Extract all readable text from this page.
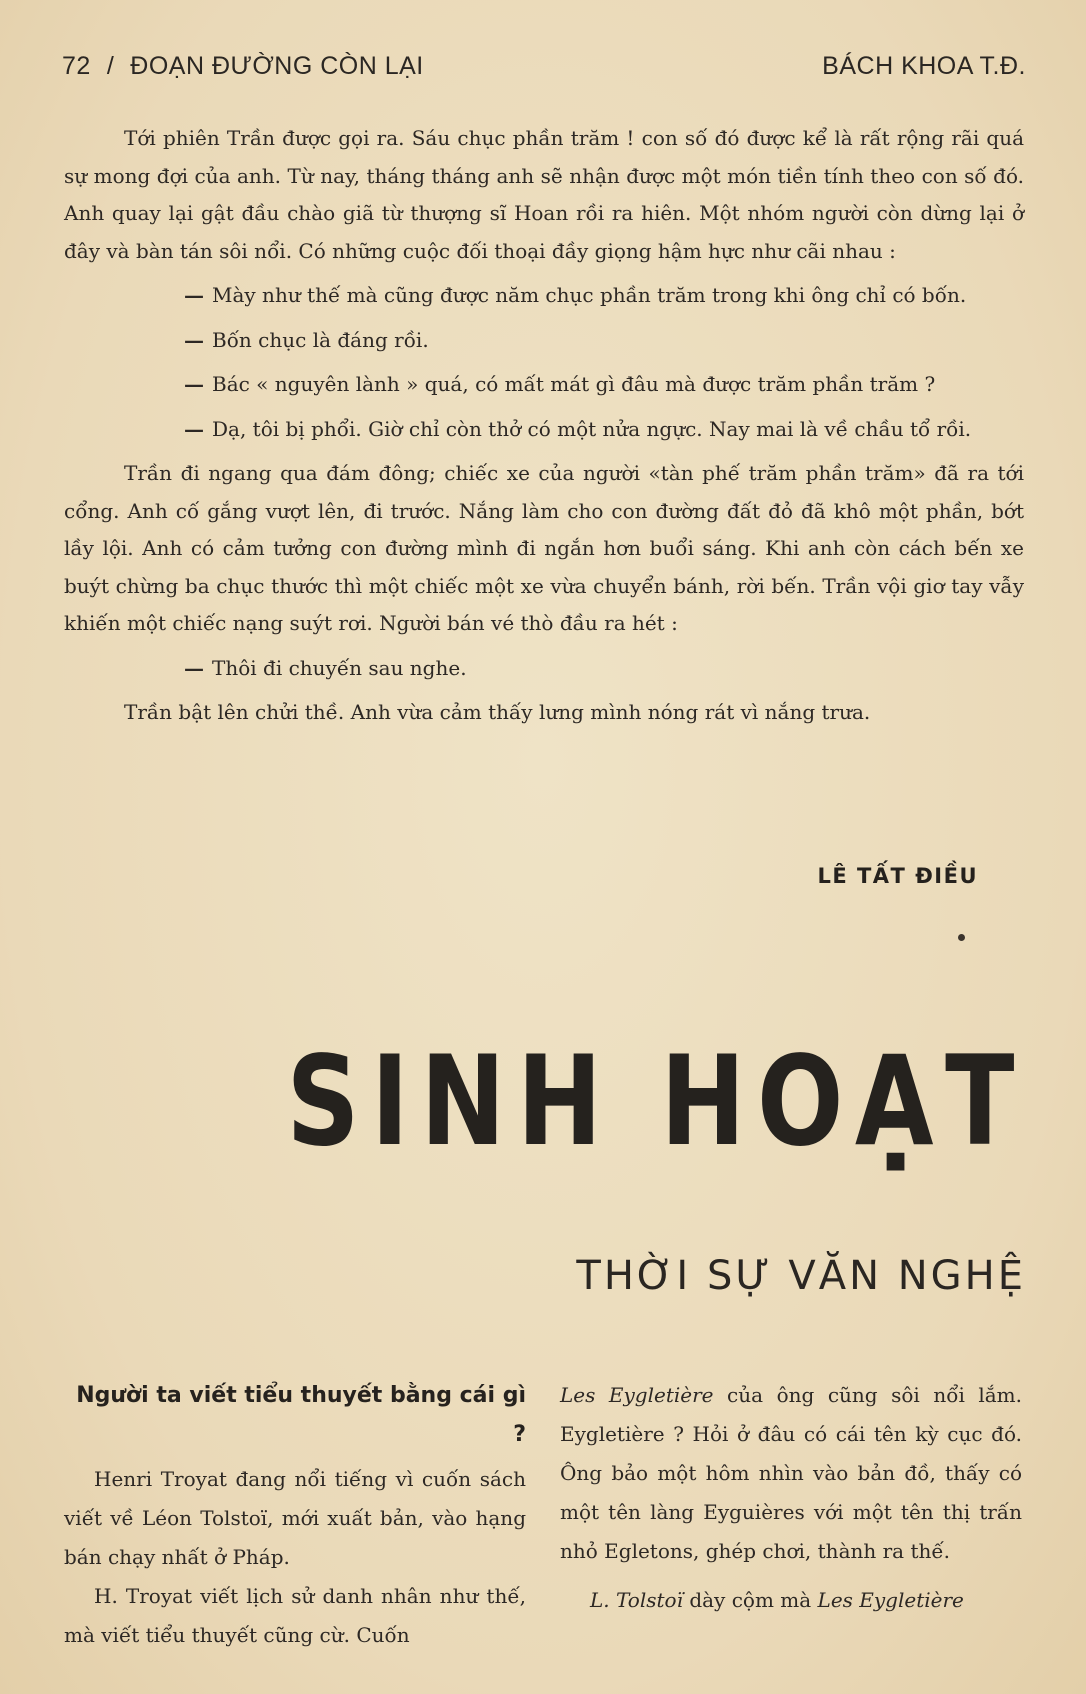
72 / ĐOẠN ĐƯỜNG CÒN LẠI	BÁCH KHOA T.Đ.

Tới phiên Trần được gọi ra. Sáu chục phần trăm ! con số đó được kể là rất rộng rãi quá sự mong đợi của anh. Từ nay, tháng tháng anh sẽ nhận được một món tiền tính theo con số đó. Anh quay lại gật đầu chào giã từ thượng sĩ Hoan rồi ra hiên. Một nhóm người còn dừng lại ở đây và bàn tán sôi nổi. Có những cuộc đối thoại đầy giọng hậm hực như cãi nhau :

— Mày như thế mà cũng được năm chục phần trăm trong khi ông chỉ có bốn.

— Bốn chục là đáng rồi.

— Bác « nguyên lành » quá, có mất mát gì đâu mà được trăm phần trăm ?

— Dạ, tôi bị phổi. Giờ chỉ còn thở có một nửa ngực. Nay mai là về chầu tổ rồi.

Trần đi ngang qua đám đông; chiếc xe của người «tàn phế trăm phần trăm» đã ra tới cổng. Anh cố gắng vượt lên, đi trước. Nắng làm cho con đường đất đỏ đã khô một phần, bớt lầy lội. Anh có cảm tưởng con đường mình đi ngắn hơn buổi sáng. Khi anh còn cách bến xe buýt chừng ba chục thước thì một chiếc một xe vừa chuyển bánh, rời bến. Trần vội giơ tay vẫy khiến một chiếc nạng suýt rơi. Người bán vé thò đầu ra hét :

— Thôi đi chuyến sau nghe.

Trần bật lên chửi thề. Anh vừa cảm thấy lưng mình nóng rát vì nắng trưa.

LÊ TẤT ĐIỀU
SINH HOẠT
THỜI SỰ VĂN NGHỆ
Người ta viết tiểu thuyết bằng cái gì ?

Henri Troyat đang nổi tiếng vì cuốn sách viết về Léon Tolstoï, mới xuất bản, vào hạng bán chạy nhất ở Pháp.

H. Troyat viết lịch sử danh nhân như thế, mà viết tiểu thuyết cũng cừ. Cuốn

Les Eygletière của ông cũng sôi nổi lắm. Eygletière ? Hỏi ở đâu có cái tên kỳ cục đó. Ông bảo một hôm nhìn vào bản đồ, thấy có một tên làng Eyguières với một tên thị trấn nhỏ Egletons, ghép chơi, thành ra thế.

L. Tolstoï dày cộm mà Les Eygletière
